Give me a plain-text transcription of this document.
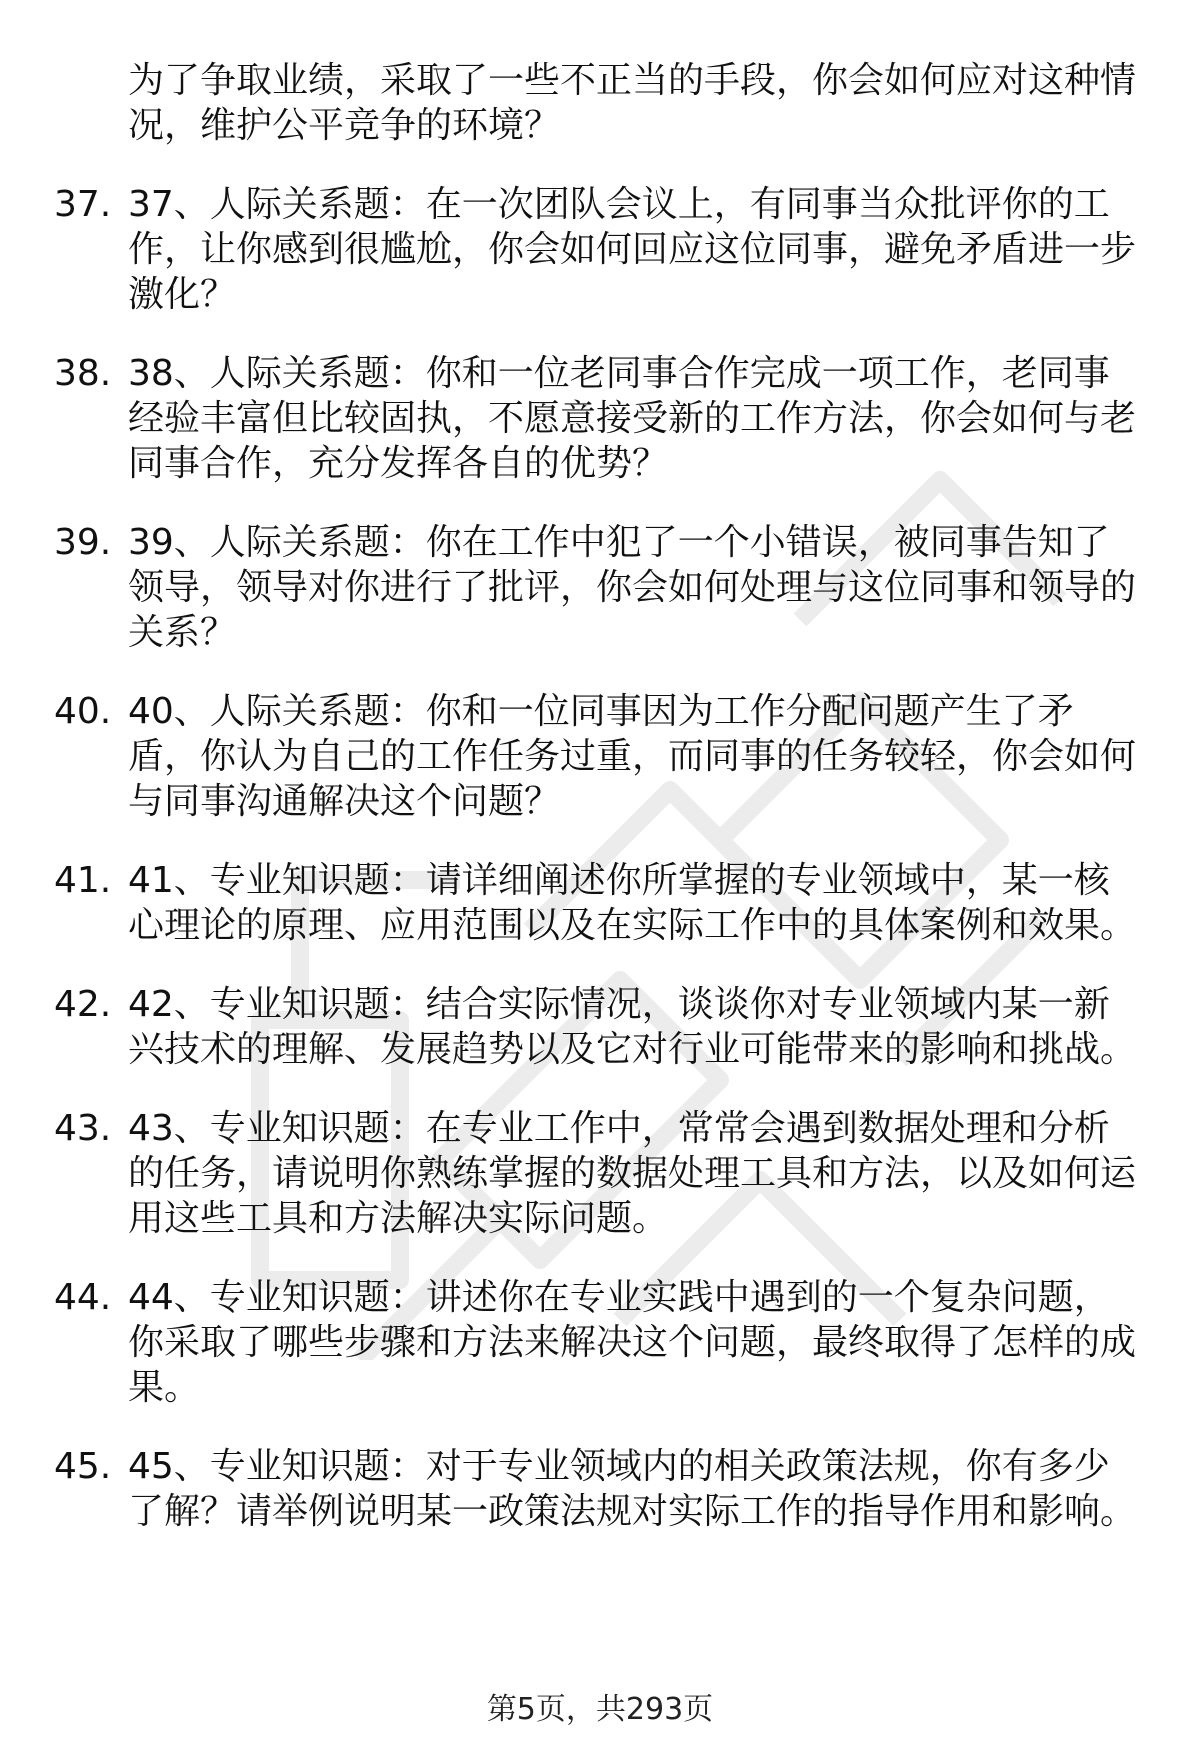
为了争取业绩，采取了一些不正当的手段，你会如何应对这种情况，维护公平竞争的环境？
37. 37、人际关系题：在一次团队会议上，有同事当众批评你的工作，让你感到很尴尬，你会如何回应这位同事，避免矛盾进一步激化？
38. 38、人际关系题：你和一位老同事合作完成一项工作，老同事经验丰富但比较固执，不愿意接受新的工作方法，你会如何与老同事合作，充分发挥各自的优势？
39. 39、人际关系题：你在工作中犯了一个小错误，被同事告知了领导，领导对你进行了批评，你会如何处理与这位同事和领导的关系？
40. 40、人际关系题：你和一位同事因为工作分配问题产生了矛盾，你认为自己的工作任务过重，而同事的任务较轻，你会如何与同事沟通解决这个问题？
41. 41、专业知识题：请详细阐述你所掌握的专业领域中，某一核心理论的原理、应用范围以及在实际工作中的具体案例和效果。
42. 42、专业知识题：结合实际情况，谈谈你对专业领域内某一新兴技术的理解、发展趋势以及它对行业可能带来的影响和挑战。
43. 43、专业知识题：在专业工作中，常常会遇到数据处理和分析的任务，请说明你熟练掌握的数据处理工具和方法，以及如何运用这些工具和方法解决实际问题。
44. 44、专业知识题：讲述你在专业实践中遇到的一个复杂问题，你采取了哪些步骤和方法来解决这个问题，最终取得了怎样的成果。
45. 45、专业知识题：对于专业领域内的相关政策法规，你有多少了解？请举例说明某一政策法规对实际工作的指导作用和影响。
第5页，共293页
